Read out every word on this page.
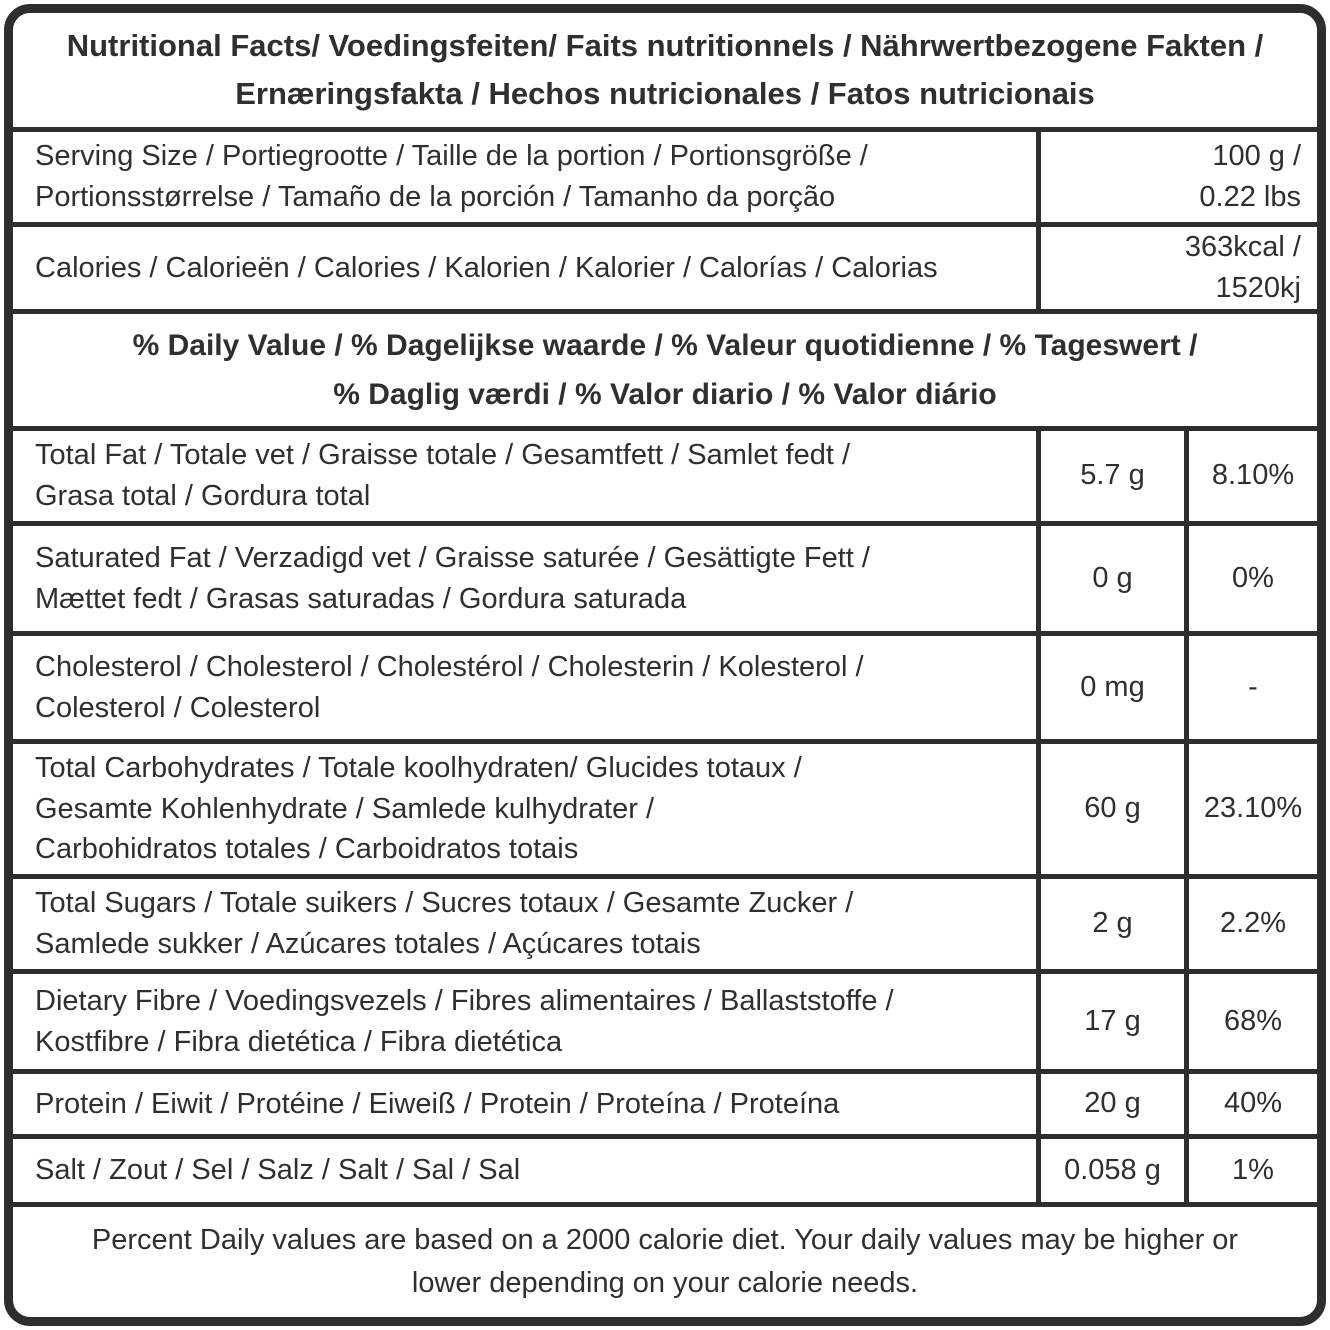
Nutritional Facts/ Voedingsfeiten/ Faits nutritionnels / Nährwertbezogene Fakten /
Ernæringsfakta / Hechos nutricionales / Fatos nutricionais
Serving Size / Portiegrootte / Taille de la portion / Portionsgröße /
Portionsstørrelse / Tamaño de la porción / Tamanho da porção
100 g /
0.22 lbs
Calories / Calorieën / Calories / Kalorien / Kalorier / Calorías / Calorias
363kcal /
1520kj
% Daily Value / % Dagelijkse waarde / % Valeur quotidienne / % Tageswert /
% Daglig værdi / % Valor diario / % Valor diário
Total Fat / Totale vet / Graisse totale / Gesamtfett / Samlet fedt /
Grasa total / Gordura total
5.7 g	8.10%
Saturated Fat / Verzadigd vet / Graisse saturée / Gesättigte Fett /
Mættet fedt / Grasas saturadas / Gordura saturada
0 g	0%
Cholesterol / Cholesterol / Cholestérol / Cholesterin / Kolesterol /
Colesterol / Colesterol
0 mg	-
Total Carbohydrates / Totale koolhydraten/ Glucides totaux /
Gesamte Kohlenhydrate / Samlede kulhydrater /
Carbohidratos totales / Carboidratos totais
60 g	23.10%
Total Sugars / Totale suikers / Sucres totaux / Gesamte Zucker /
Samlede sukker / Azúcares totales / Açúcares totais
2 g	2.2%
Dietary Fibre / Voedingsvezels / Fibres alimentaires / Ballaststoffe /
Kostfibre / Fibra dietética / Fibra dietética
17 g	68%
Protein / Eiwit / Protéine / Eiweiß / Protein / Proteína / Proteína	20 g	40%
Salt / Zout / Sel / Salz / Salt / Sal / Sal	0.058 g	1%
Percent Daily values are based on a 2000 calorie diet. Your daily values may be higher or
lower depending on your calorie needs.
